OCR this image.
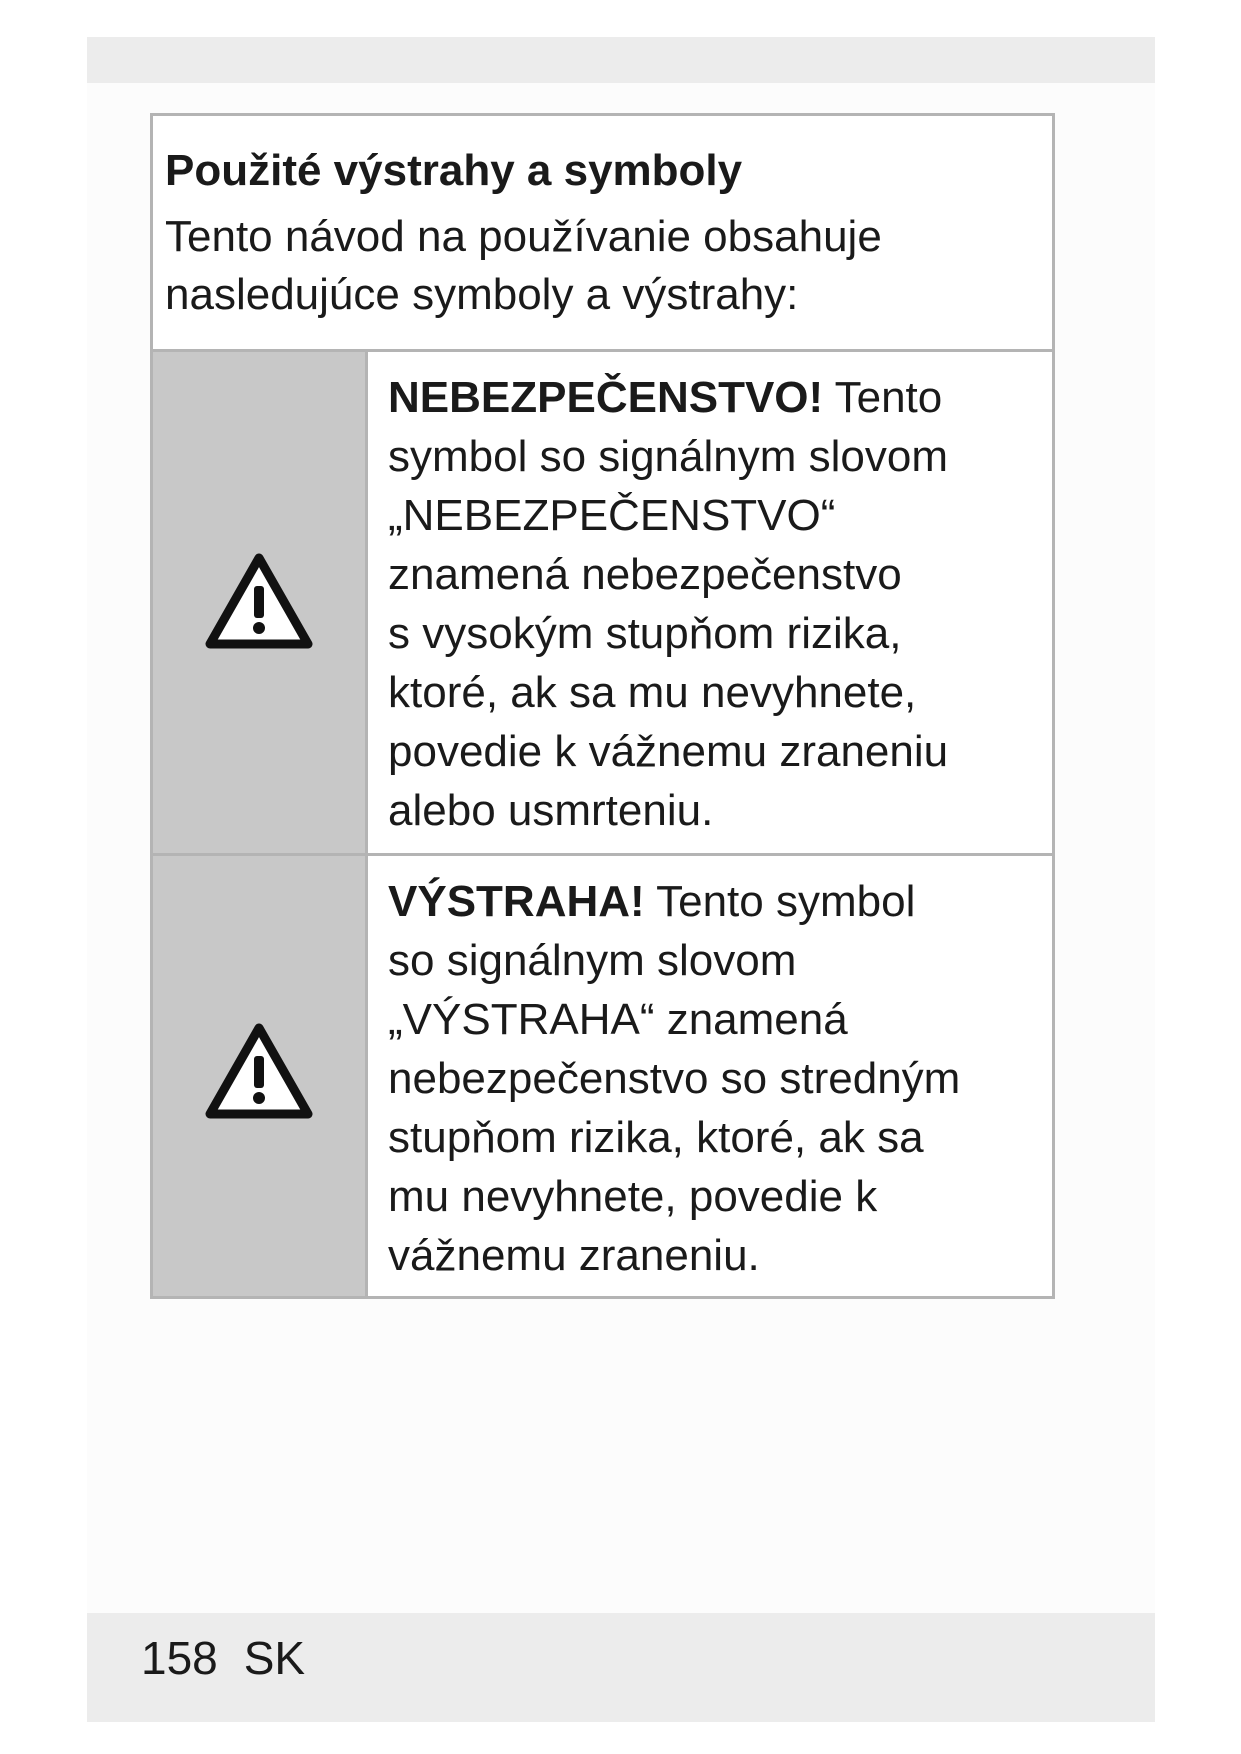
Použité výstrahy a symboly

Tento návod na používanie obsahuje
nasledujúce symboly a výstrahy:

NEBEZPEČENSTVO! Tento
symbol so signálnym slovom
„NEBEZPEČENSTVO“
znamená nebezpečenstvo
s vysokým stupňom rizika,
ktoré, ak sa mu nevyhnete,
povedie k vážnemu zraneniu
alebo usmrteniu.
VÝSTRAHA! Tento symbol
so signálnym slovom
„VÝSTRAHA“ znamená
nebezpečenstvo so stredným
stupňom rizika, ktoré, ak sa
mu nevyhnete, povedie k
vážnemu zraneniu.
158 SK
